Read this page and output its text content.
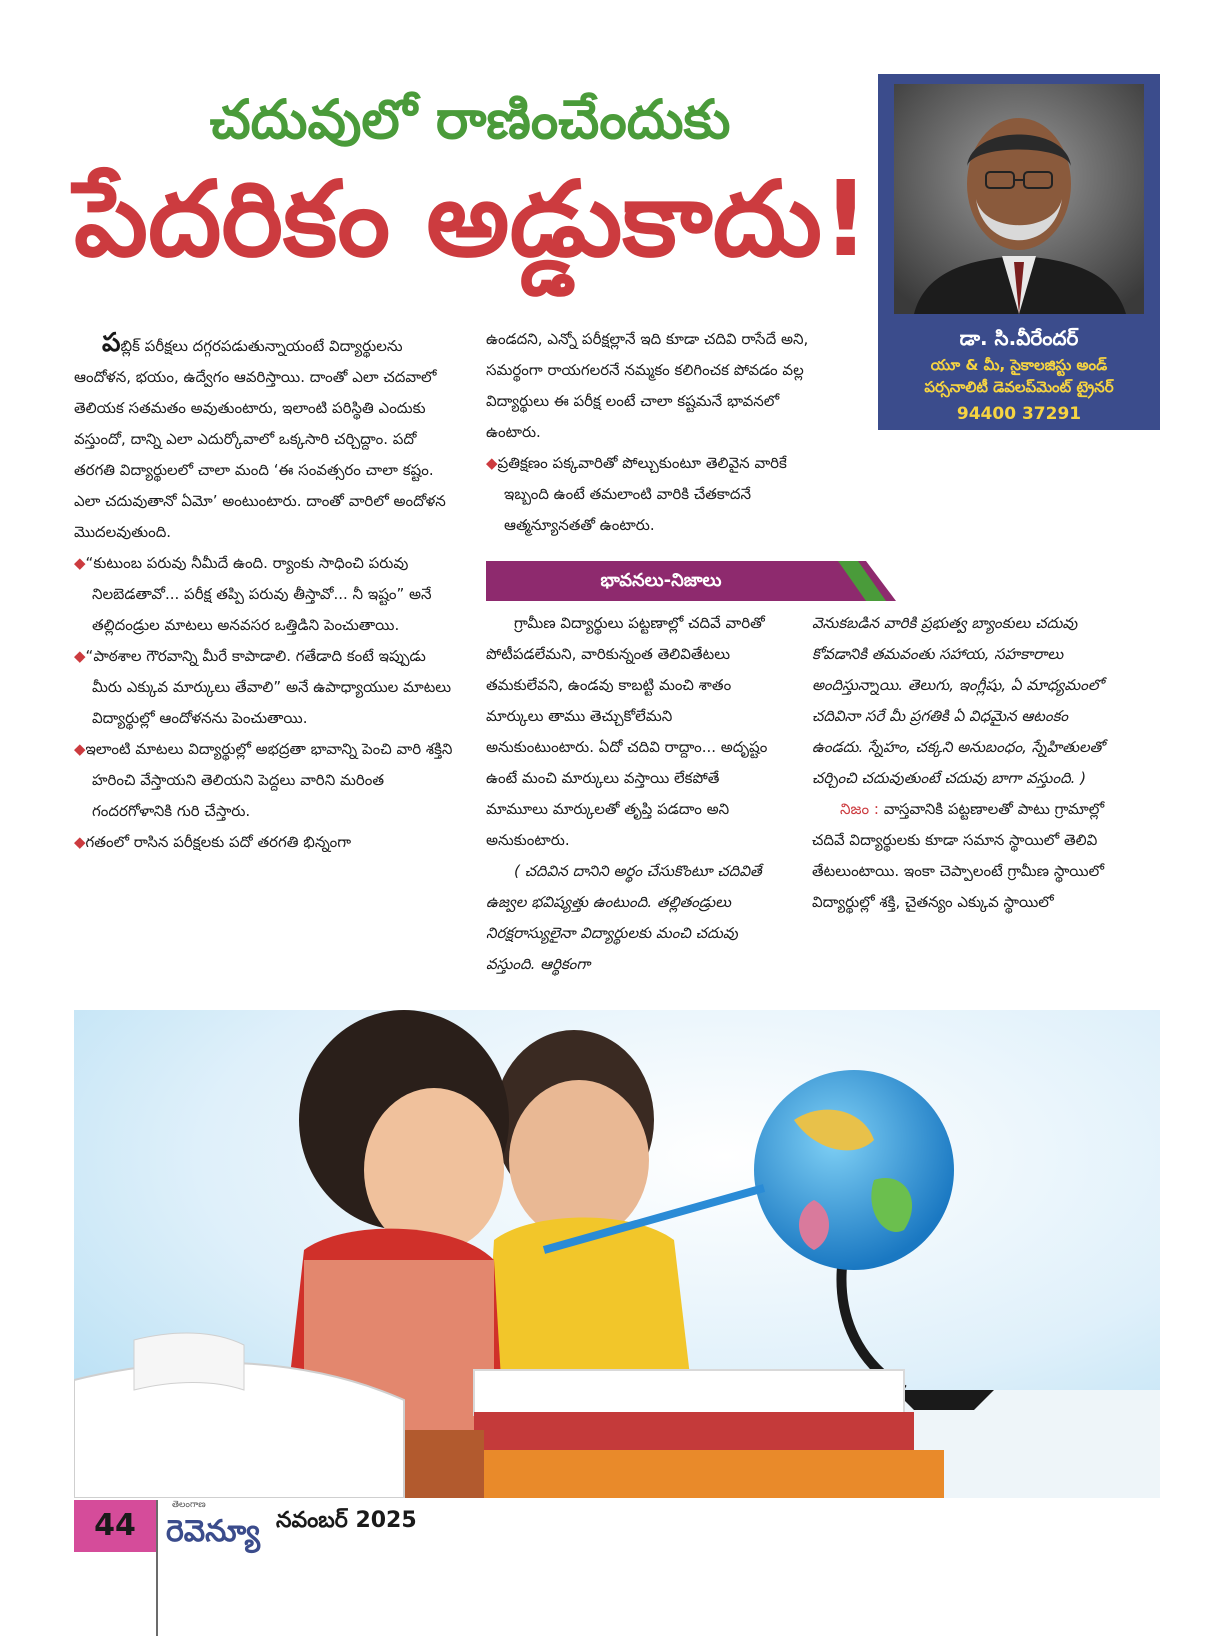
చదువులో రాణించేందుకు
పేదరికం అడ్డుకాదు!
డా. సి.వీరేందర్
యూ & మీ, సైకాలజిస్టు అండ్
పర్సనాలిటీ డెవలప్‌మెంట్ ట్రైనర్
94400 37291

పబ్లిక్ పరీక్షలు దగ్గరపడుతున్నాయంటే విద్యార్థులను ఆందోళన, భయం, ఉద్వేగం ఆవరిస్తాయి. దాంతో ఎలా చదవాలో తెలియక సతమతం అవుతుంటారు, ఇలాంటి పరిస్థితి ఎందుకు వస్తుందో, దాన్ని ఎలా ఎదుర్కోవాలో ఒక్కసారి చర్చిద్దాం. పదో తరగతి విద్యార్థులలో చాలా మంది ‘ఈ సంవత్సరం చాలా కష్టం. ఎలా చదువుతానో ఏమో’ అంటుంటారు. దాంతో వారిలో అందోళన మొదలవుతుంది.

◆“కుటుంబ పరువు నీమీదే ఉంది. ర్యాంకు సాధించి పరువు నిలబెడతావో... పరీక్ష తప్పి పరువు తీస్తావో... నీ ఇష్టం” అనే తల్లిదండ్రుల మాటలు అనవసర ఒత్తిడిని పెంచుతాయి.

◆“పాఠశాల గౌరవాన్ని మీరే కాపాడాలి. గతేడాది కంటే ఇప్పుడు మీరు ఎక్కువ మార్కులు తేవాలి” అనే ఉపాధ్యాయుల మాటలు విద్యార్థుల్లో ఆందోళనను పెంచుతాయి.

◆ఇలాంటి మాటలు విద్యార్థుల్లో అభద్రతా భావాన్ని పెంచి వారి శక్తిని హరించి వేస్తాయని తెలియని పెద్దలు వారిని మరింత గందరగోళానికి గురి చేస్తారు.

◆గతంలో రాసిన పరీక్షలకు పదో తరగతి భిన్నంగా

ఉండదని, ఎన్నో పరీక్షల్లానే ఇది కూడా చదివి రాసేదే అని, సమర్థంగా రాయగలరనే నమ్మకం కలిగించక పోవడం వల్ల విద్యార్థులు ఈ పరీక్ష లంటే చాలా కష్టమనే భావనలో ఉంటారు.

◆ప్రతిక్షణం పక్కవారితో పోల్చుకుంటూ తెలివైన వారికే ఇబ్బంది ఉంటే తమలాంటి వారికి చేతకాదనే ఆత్మన్యూనతతో ఉంటారు.

భావనలు-నిజాలు

గ్రామీణ విద్యార్థులు పట్టణాల్లో చదివే వారితో పోటీపడలేమని, వారికున్నంత తెలివితేటలు తమకులేవని, ఉండవు కాబట్టి మంచి శాతం మార్కులు తాము తెచ్చుకోలేమని అనుకుంటుంటారు. ఏదో చదివి రాద్దాం... అదృష్టం ఉంటే మంచి మార్కులు వస్తాయి లేకపోతే మామూలు మార్కులతో తృప్తి పడదాం అని అనుకుంటారు.

( చదివిన దానిని అర్థం చేసుకొంటూ చదివితే ఉజ్వల భవిష్యత్తు ఉంటుంది. తల్లితండ్రులు నిరక్షరాస్యులైనా విద్యార్థులకు మంచి చదువు వస్తుంది. ఆర్థికంగా

వెనుకబడిన వారికి ప్రభుత్వ బ్యాంకులు చదువు కోవడానికి తమవంతు సహాయ, సహకారాలు అందిస్తున్నాయి. తెలుగు, ఇంగ్లీషు, ఏ మాధ్యమంలో చదివినా సరే మీ ప్రగతికి ఏ విధమైన ఆటంకం ఉండదు. స్నేహం, చక్కని అనుబంధం, స్నేహితులతో చర్చించి చదువుతుంటే చదువు బాగా వస్తుంది. )

నిజం : వాస్తవానికి పట్టణాలతో పాటు గ్రామాల్లో చదివే విద్యార్థులకు కూడా సమాన స్థాయిలో తెలివి తేటలుంటాయి. ఇంకా చెప్పాలంటే గ్రామీణ స్థాయిలో విద్యార్థుల్లో శక్తి, చైతన్యం ఎక్కువ స్థాయిలో

44
తెలంగాణ
రెవెన్యూ నవంబర్ 2025
